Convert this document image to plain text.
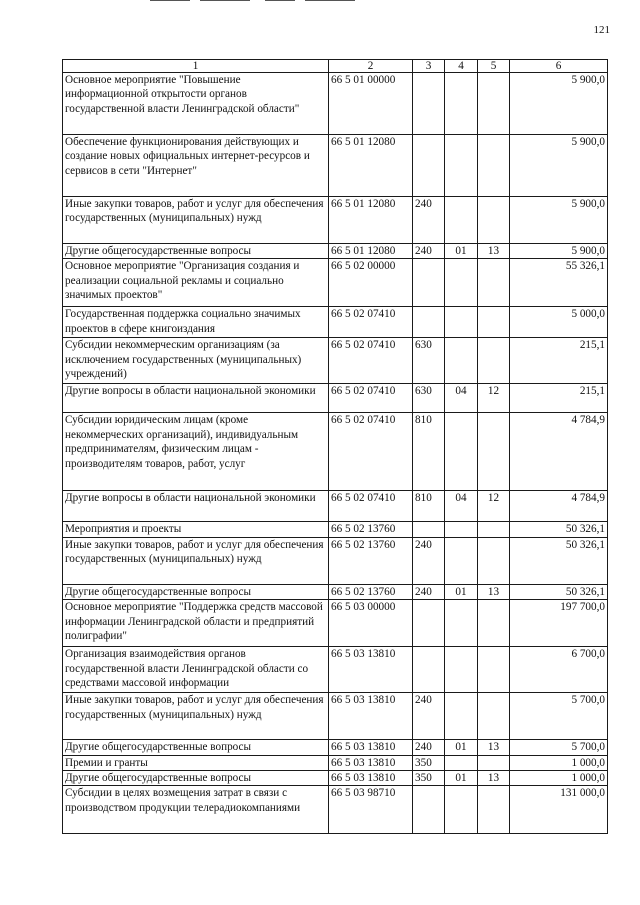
121
1	2	3	4	5	6
Основное мероприятие "Повышение информационной открытости органов государственной власти Ленинградской области"	66 5 01 00000				5 900,0
Обеспечение функционирования действующих и создание новых официальных интернет-ресурсов и сервисов в сети "Интернет"	66 5 01 12080				5 900,0
Иные закупки товаров, работ и услуг для обеспечения государственных (муниципальных) нужд	66 5 01 12080	240			5 900,0
Другие общегосударственные вопросы	66 5 01 12080	240	01	13	5 900,0
Основное мероприятие "Организация создания и реализации социальной рекламы и социально значимых проектов"	66 5 02 00000				55 326,1
Государственная поддержка социально значимых проектов в сфере книгоиздания	66 5 02 07410				5 000,0
Субсидии некоммерческим организациям (за исключением государственных (муниципальных) учреждений)	66 5 02 07410	630			215,1
Другие вопросы в области национальной экономики	66 5 02 07410	630	04	12	215,1
Субсидии юридическим лицам (кроме некоммерческих организаций), индивидуальным предпринимателям, физическим лицам - производителям товаров, работ, услуг	66 5 02 07410	810			4 784,9
Другие вопросы в области национальной экономики	66 5 02 07410	810	04	12	4 784,9
Мероприятия и проекты	66 5 02 13760				50 326,1
Иные закупки товаров, работ и услуг для обеспечения государственных (муниципальных) нужд	66 5 02 13760	240			50 326,1
Другие общегосударственные вопросы	66 5 02 13760	240	01	13	50 326,1
Основное мероприятие "Поддержка средств массовой информации Ленинградской области и предприятий полиграфии"	66 5 03 00000				197 700,0
Организация взаимодействия органов государственной власти Ленинградской области со средствами массовой информации	66 5 03 13810				6 700,0
Иные закупки товаров, работ и услуг для обеспечения государственных (муниципальных) нужд	66 5 03 13810	240			5 700,0
Другие общегосударственные вопросы	66 5 03 13810	240	01	13	5 700,0
Премии и гранты	66 5 03 13810	350			1 000,0
Другие общегосударственные вопросы	66 5 03 13810	350	01	13	1 000,0
Субсидии в целях возмещения затрат в связи с производством продукции телерадиокомпаниями	66 5 03 98710				131 000,0
